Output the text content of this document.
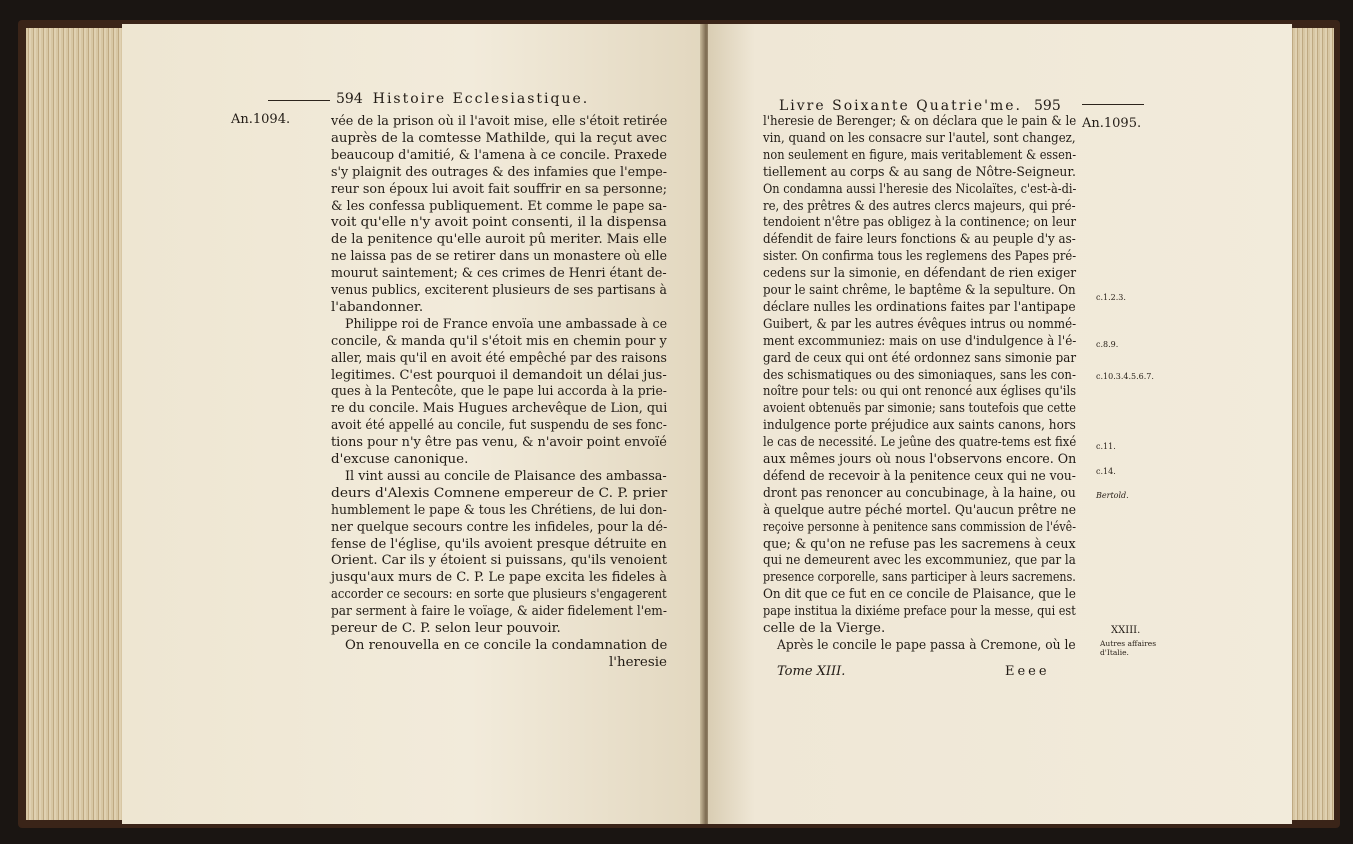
594 Histoire Ecclesiastique.
An.1094.	vée de la prison où il l'avoit mise, elle s'étoit retirée
auprès de la comtesse Mathilde, qui la reçut avec
beaucoup d'amitié, & l'amena à ce concile. Praxede
s'y plaignit des outrages & des infamies que l'empe-
reur son époux lui avoit fait souffrir en sa personne;
& les confessa publiquement. Et comme le pape sa-
voit qu'elle n'y avoit point consenti, il la dispensa
de la penitence qu'elle auroit pû meriter. Mais elle
ne laissa pas de se retirer dans un monastere où elle
mourut saintement; & ces crimes de Henri étant de-
venus publics, exciterent plusieurs de ses partisans à
l'abandonner.
Philippe roi de France envoïa une ambassade à ce
concile, & manda qu'il s'étoit mis en chemin pour y
aller, mais qu'il en avoit été empêché par des raisons
legitimes. C'est pourquoi il demandoit un délai jus-
ques à la Pentecôte, que le pape lui accorda à la prie-
re du concile. Mais Hugues archevêque de Lion, qui
avoit été appellé au concile, fut suspendu de ses fonc-
tions pour n'y être pas venu, & n'avoir point envoïé
d'excuse canonique.
Il vint aussi au concile de Plaisance des ambassa-
deurs d'Alexis Comnene empereur de C. P. prier
humblement le pape & tous les Chrétiens, de lui don-
ner quelque secours contre les infideles, pour la dé-
fense de l'église, qu'ils avoient presque détruite en
Orient. Car ils y étoient si puissans, qu'ils venoient
jusqu'aux murs de C. P. Le pape excita les fideles à
accorder ce secours: en sorte que plusieurs s'engagerent
par serment à faire le voïage, & aider fidelement l'em-
pereur de C. P. selon leur pouvoir.
On renouvella en ce concile la condamnation de
l'heresie
Livre Soixante Quatrie'me. 595
An.1095.
l'heresie de Berenger; & on déclara que le pain & le
vin, quand on les consacre sur l'autel, sont changez,
non seulement en figure, mais veritablement & essen-
tiellement au corps & au sang de Nôtre-Seigneur.
On condamna aussi l'heresie des Nicolaïtes, c'est-à-di-
re, des prêtres & des autres clercs majeurs, qui pré-
tendoient n'être pas obligez à la continence; on leur
défendit de faire leurs fonctions & au peuple d'y as-
sister. On confirma tous les reglemens des Papes pré-
cedens sur la simonie, en défendant de rien exiger
pour le saint chrême, le baptême & la sepulture. On
déclare nulles les ordinations faites par l'antipape
Guibert, & par les autres évêques intrus ou nommé-
ment excommuniez: mais on use d'indulgence à l'é-
gard de ceux qui ont été ordonnez sans simonie par
des schismatiques ou des simoniaques, sans les con-
noître pour tels: ou qui ont renoncé aux églises qu'ils
avoient obtenuës par simonie; sans toutefois que cette
indulgence porte préjudice aux saints canons, hors
le cas de necessité. Le jeûne des quatre-tems est fixé
aux mêmes jours où nous l'observons encore. On
défend de recevoir à la penitence ceux qui ne vou-
dront pas renoncer au concubinage, à la haine, ou
à quelque autre péché mortel. Qu'aucun prêtre ne
reçoive personne à penitence sans commission de l'évê-
que; & qu'on ne refuse pas les sacremens à ceux
qui ne demeurent avec les excommuniez, que par la
presence corporelle, sans participer à leurs sacremens.
On dit que ce fut en ce concile de Plaisance, que le
pape institua la dixiéme preface pour la messe, qui est
celle de la Vierge.
Après le concile le pape passa à Cremone, où le
c.1.2.3.
c.8.9.
c.10.3.4.5.6.7.
c.11.
c.14.
Bertold.
XXIII.
Autres affaires
d'Italie.
Tome XIII.	Eeee
